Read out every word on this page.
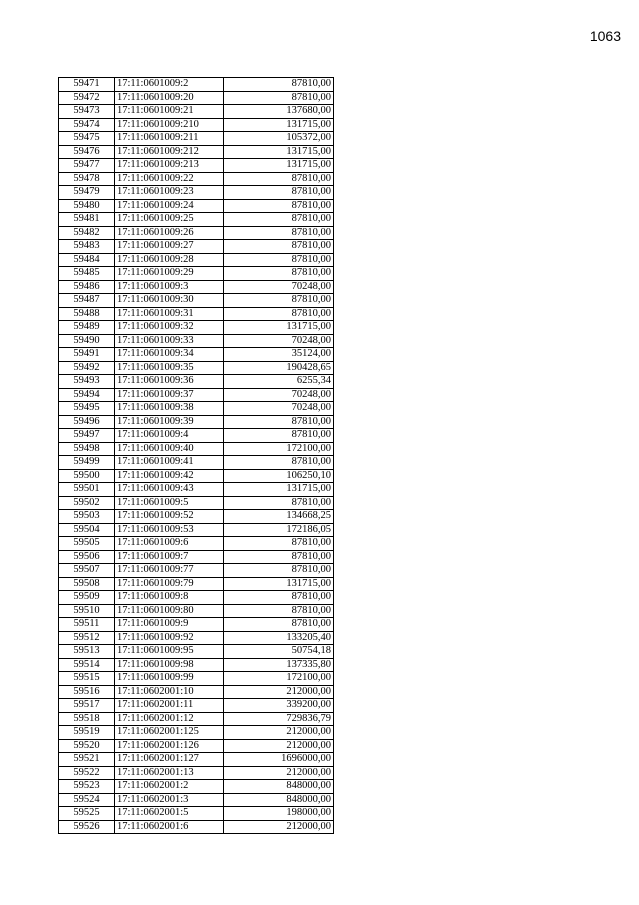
1063
59471	17:11:0601009:2	87810,00
59472	17:11:0601009:20	87810,00
59473	17:11:0601009:21	137680,00
59474	17:11:0601009:210	131715,00
59475	17:11:0601009:211	105372,00
59476	17:11:0601009:212	131715,00
59477	17:11:0601009:213	131715,00
59478	17:11:0601009:22	87810,00
59479	17:11:0601009:23	87810,00
59480	17:11:0601009:24	87810,00
59481	17:11:0601009:25	87810,00
59482	17:11:0601009:26	87810,00
59483	17:11:0601009:27	87810,00
59484	17:11:0601009:28	87810,00
59485	17:11:0601009:29	87810,00
59486	17:11:0601009:3	70248,00
59487	17:11:0601009:30	87810,00
59488	17:11:0601009:31	87810,00
59489	17:11:0601009:32	131715,00
59490	17:11:0601009:33	70248,00
59491	17:11:0601009:34	35124,00
59492	17:11:0601009:35	190428,65
59493	17:11:0601009:36	6255,34
59494	17:11:0601009:37	70248,00
59495	17:11:0601009:38	70248,00
59496	17:11:0601009:39	87810,00
59497	17:11:0601009:4	87810,00
59498	17:11:0601009:40	172100,00
59499	17:11:0601009:41	87810,00
59500	17:11:0601009:42	106250,10
59501	17:11:0601009:43	131715,00
59502	17:11:0601009:5	87810,00
59503	17:11:0601009:52	134668,25
59504	17:11:0601009:53	172186,05
59505	17:11:0601009:6	87810,00
59506	17:11:0601009:7	87810,00
59507	17:11:0601009:77	87810,00
59508	17:11:0601009:79	131715,00
59509	17:11:0601009:8	87810,00
59510	17:11:0601009:80	87810,00
59511	17:11:0601009:9	87810,00
59512	17:11:0601009:92	133205,40
59513	17:11:0601009:95	50754,18
59514	17:11:0601009:98	137335,80
59515	17:11:0601009:99	172100,00
59516	17:11:0602001:10	212000,00
59517	17:11:0602001:11	339200,00
59518	17:11:0602001:12	729836,79
59519	17:11:0602001:125	212000,00
59520	17:11:0602001:126	212000,00
59521	17:11:0602001:127	1696000,00
59522	17:11:0602001:13	212000,00
59523	17:11:0602001:2	848000,00
59524	17:11:0602001:3	848000,00
59525	17:11:0602001:5	198000,00
59526	17:11:0602001:6	212000,00
